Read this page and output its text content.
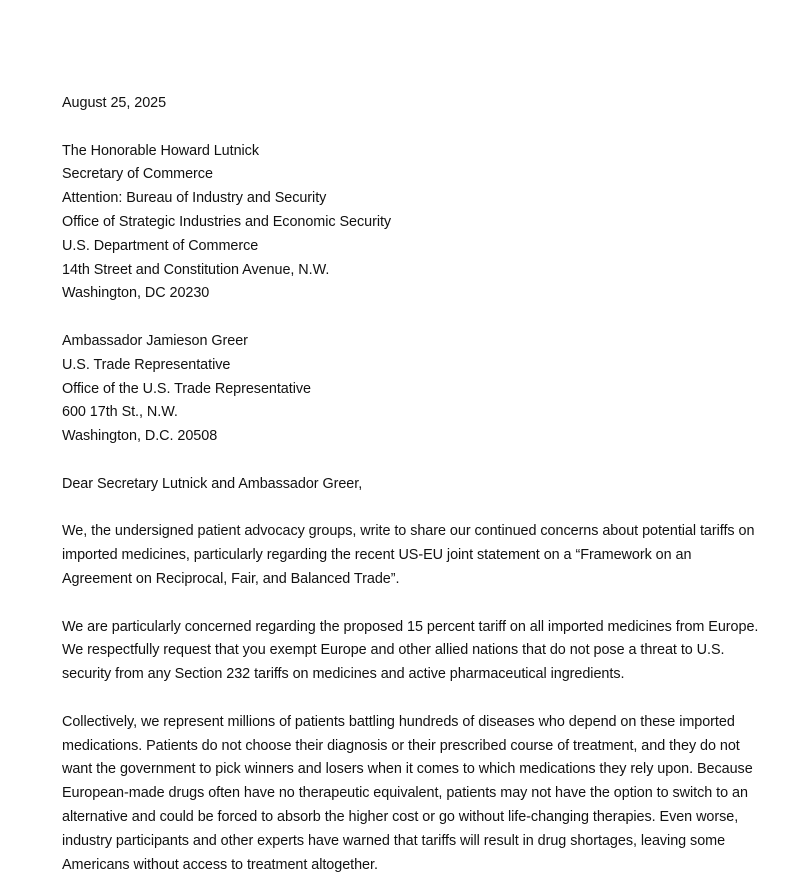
August 25, 2025
The Honorable Howard Lutnick
Secretary of Commerce
Attention: Bureau of Industry and Security
Office of Strategic Industries and Economic Security
U.S. Department of Commerce
14th Street and Constitution Avenue, N.W.
Washington, DC 20230
Ambassador Jamieson Greer
U.S. Trade Representative
Office of the U.S. Trade Representative
600 17th St., N.W.
Washington, D.C. 20508

Dear Secretary Lutnick and Ambassador Greer,

We, the undersigned patient advocacy groups, write to share our continued concerns about potential tariffs on imported medicines, particularly regarding the recent US-EU joint statement on a “Framework on an Agreement on Reciprocal, Fair, and Balanced Trade”.

We are particularly concerned regarding the proposed 15 percent tariff on all imported medicines from Europe. We respectfully request that you exempt Europe and other allied nations that do not pose a threat to U.S. security from any Section 232 tariffs on medicines and active pharmaceutical ingredients.

Collectively, we represent millions of patients battling hundreds of diseases who depend on these imported medications. Patients do not choose their diagnosis or their prescribed course of treatment, and they do not want the government to pick winners and losers when it comes to which medications they rely upon. Because European-made drugs often have no therapeutic equivalent, patients may not have the option to switch to an alternative and could be forced to absorb the higher cost or go without life-changing therapies. Even worse, industry participants and other experts have warned that tariffs will result in drug shortages, leaving some Americans without access to treatment altogether.
